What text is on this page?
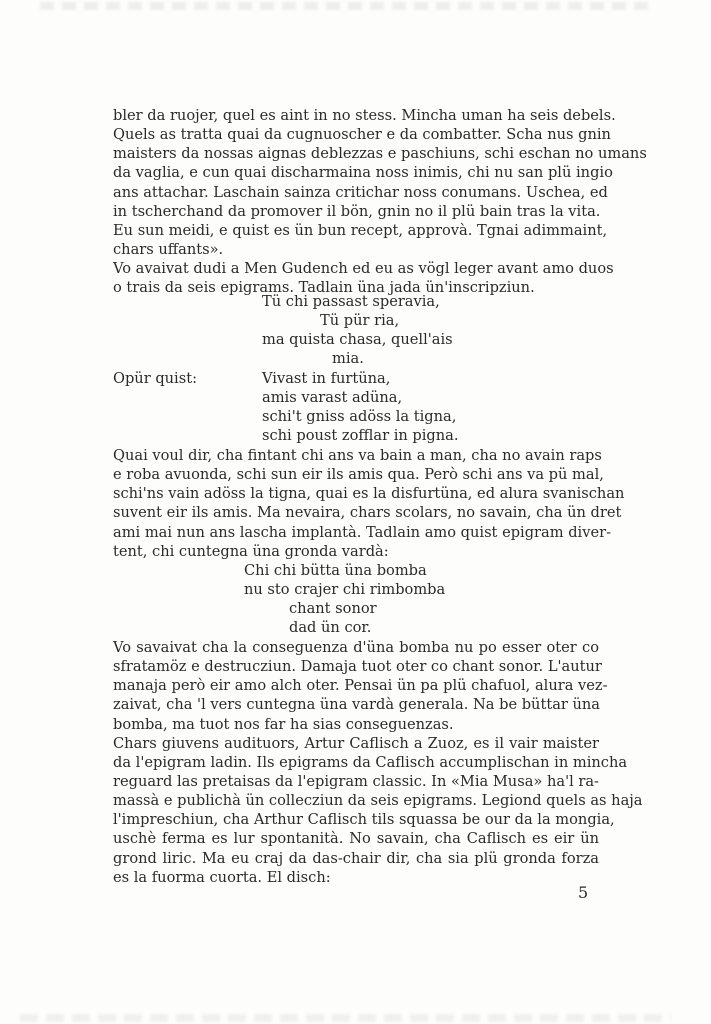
bler da ruojer, quel es aint in no stess. Mincha uman ha seis debels.
Quels as tratta quai da cugnuoscher e da combatter. Scha nus gnin
maisters da nossas aignas deblezzas e paschiuns, schi eschan no umans
da vaglia, e cun quai discharmaina noss inimis, chi nu san plü ingio
ans attachar. Laschain sainza critichar noss conumans. Uschea, ed
in tscherchand da promover il bön, gnin no il plü bain tras la vita.
Eu sun meidi, e quist es ün bun recept, approvà. Tgnai adimmaint,
chars uffants».
Vo avaivat dudi a Men Gudench ed eu as vögl leger avant amo duos
o trais da seis epigrams. Tadlain üna jada ün'inscripziun.
Tü chi passast speravia,
Tü pür ria,
ma quista chasa, quell'ais
mia.
Opür quist:	Vivast in furtüna,
amis varast adüna,
schi't gniss adöss la tigna,
schi poust zofflar in pigna.
Quai voul dir, cha fintant chi ans va bain a man, cha no avain raps
e roba avuonda, schi sun eir ils amis qua. Però schi ans va pü mal,
schi'ns vain adöss la tigna, quai es la disfurtüna, ed alura svanischan
suvent eir ils amis. Ma nevaira, chars scolars, no savain, cha ün dret
ami mai nun ans lascha implantà. Tadlain amo quist epigram diver-
tent, chi cuntegna üna gronda vardà:
Chi chi büttа üna bomba
nu sto crajer chi rimbomba
chant sonor
dad ün cor.
Vo savaivat cha la conseguenza d'üna bomba nu po esser oter co
sfratamöz e destrucziun. Damaja tuot oter co chant sonor. L'autur
manaja però eir amo alch oter. Pensai ün pa plü chafuol, alura vez-
zaivat, cha 'l vers cuntegna üna vardà generala. Na be büttar üna
bomba, ma tuot nos far ha sias conseguenzas.
Chars giuvens audituors, Artur Caflisch a Zuoz, es il vair maister
da l'epigram ladin. Ils epigrams da Caflisch accumplischan in mincha
reguard las pretaisas da l'epigram classic. In «Mia Musa» ha'l ra-
massà e publichà ün collecziun da seis epigrams. Legiond quels as haja
l'impreschiun, cha Arthur Caflisch tils squassa be our da la mongia,
uschè ferma es lur spontanità. No savain, cha Caflisch es eir ün
grond liric. Ma eu craj da das-chair dir, cha sia plü gronda forza
es la fuorma cuorta. El disch:
5
